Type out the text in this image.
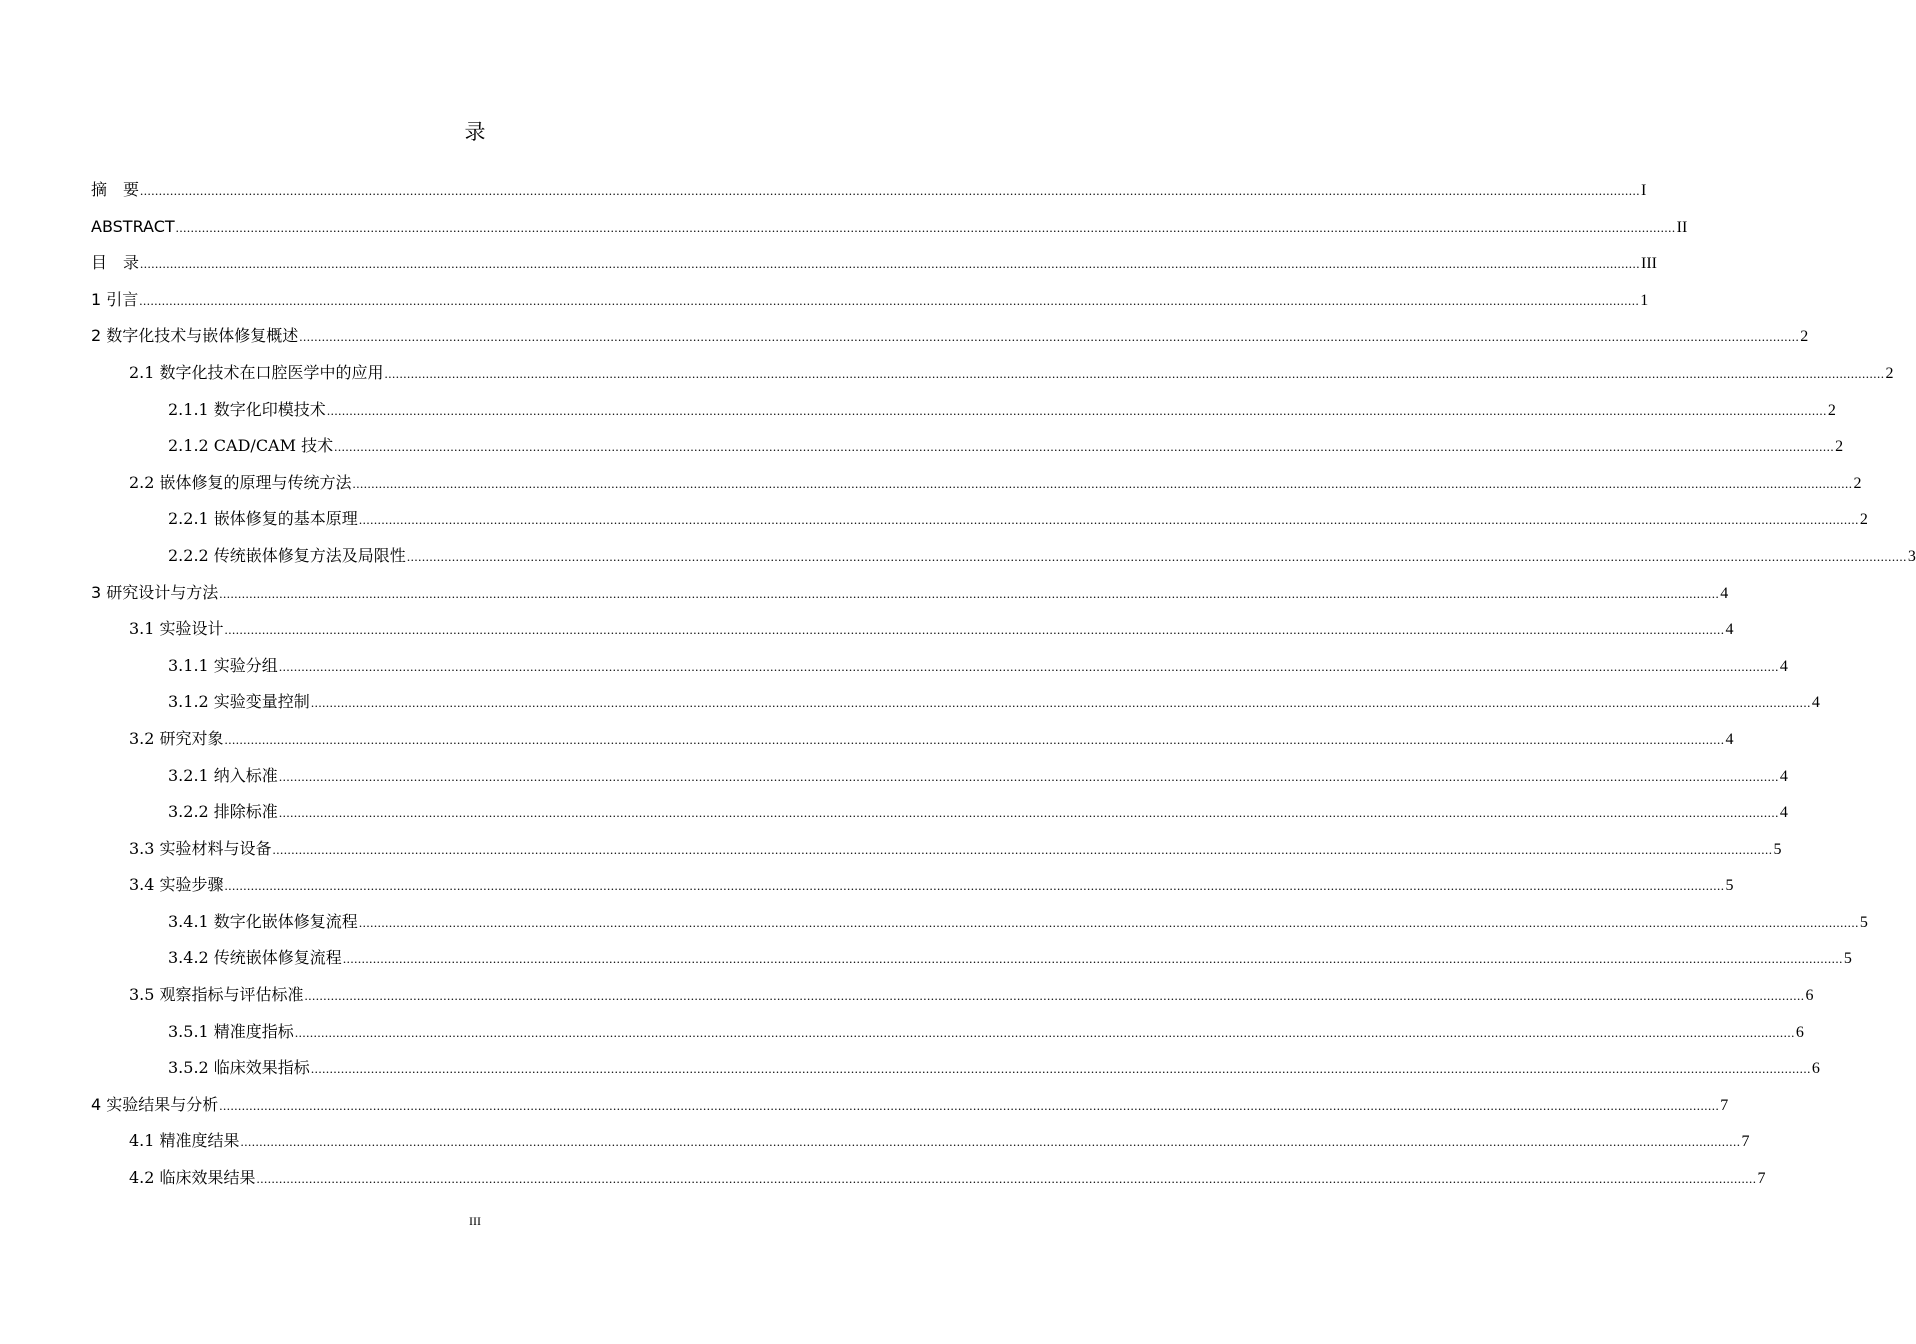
录
摘　要 ................................................................................................................................................................................................................................................................................................................................................................................................................ I
ABSTRACT ................................................................................................................................................................................................................................................................................................................................................................................................................ II
目　录 ................................................................................................................................................................................................................................................................................................................................................................................................................ III
1 引言 ................................................................................................................................................................................................................................................................................................................................................................................................................ 1
2 数字化技术与嵌体修复概述 ................................................................................................................................................................................................................................................................................................................................................................................................................ 2
2.1 数字化技术在口腔医学中的应用 ................................................................................................................................................................................................................................................................................................................................................................................................................ 2
2.1.1 数字化印模技术 ................................................................................................................................................................................................................................................................................................................................................................................................................ 2
2.1.2 CAD/CAM 技术 ................................................................................................................................................................................................................................................................................................................................................................................................................ 2
2.2 嵌体修复的原理与传统方法 ................................................................................................................................................................................................................................................................................................................................................................................................................ 2
2.2.1 嵌体修复的基本原理 ................................................................................................................................................................................................................................................................................................................................................................................................................ 2
2.2.2 传统嵌体修复方法及局限性 ................................................................................................................................................................................................................................................................................................................................................................................................................ 3
3 研究设计与方法 ................................................................................................................................................................................................................................................................................................................................................................................................................ 4
3.1 实验设计 ................................................................................................................................................................................................................................................................................................................................................................................................................ 4
3.1.1 实验分组 ................................................................................................................................................................................................................................................................................................................................................................................................................ 4
3.1.2 实验变量控制 ................................................................................................................................................................................................................................................................................................................................................................................................................ 4
3.2 研究对象 ................................................................................................................................................................................................................................................................................................................................................................................................................ 4
3.2.1 纳入标准 ................................................................................................................................................................................................................................................................................................................................................................................................................ 4
3.2.2 排除标准 ................................................................................................................................................................................................................................................................................................................................................................................................................ 4
3.3 实验材料与设备 ................................................................................................................................................................................................................................................................................................................................................................................................................ 5
3.4 实验步骤 ................................................................................................................................................................................................................................................................................................................................................................................................................ 5
3.4.1 数字化嵌体修复流程 ................................................................................................................................................................................................................................................................................................................................................................................................................ 5
3.4.2 传统嵌体修复流程 ................................................................................................................................................................................................................................................................................................................................................................................................................ 5
3.5 观察指标与评估标准 ................................................................................................................................................................................................................................................................................................................................................................................................................ 6
3.5.1 精准度指标 ................................................................................................................................................................................................................................................................................................................................................................................................................ 6
3.5.2 临床效果指标 ................................................................................................................................................................................................................................................................................................................................................................................................................ 6
4 实验结果与分析 ................................................................................................................................................................................................................................................................................................................................................................................................................ 7
4.1 精准度结果 ................................................................................................................................................................................................................................................................................................................................................................................................................ 7
4.2 临床效果结果 ................................................................................................................................................................................................................................................................................................................................................................................................................ 7
III
